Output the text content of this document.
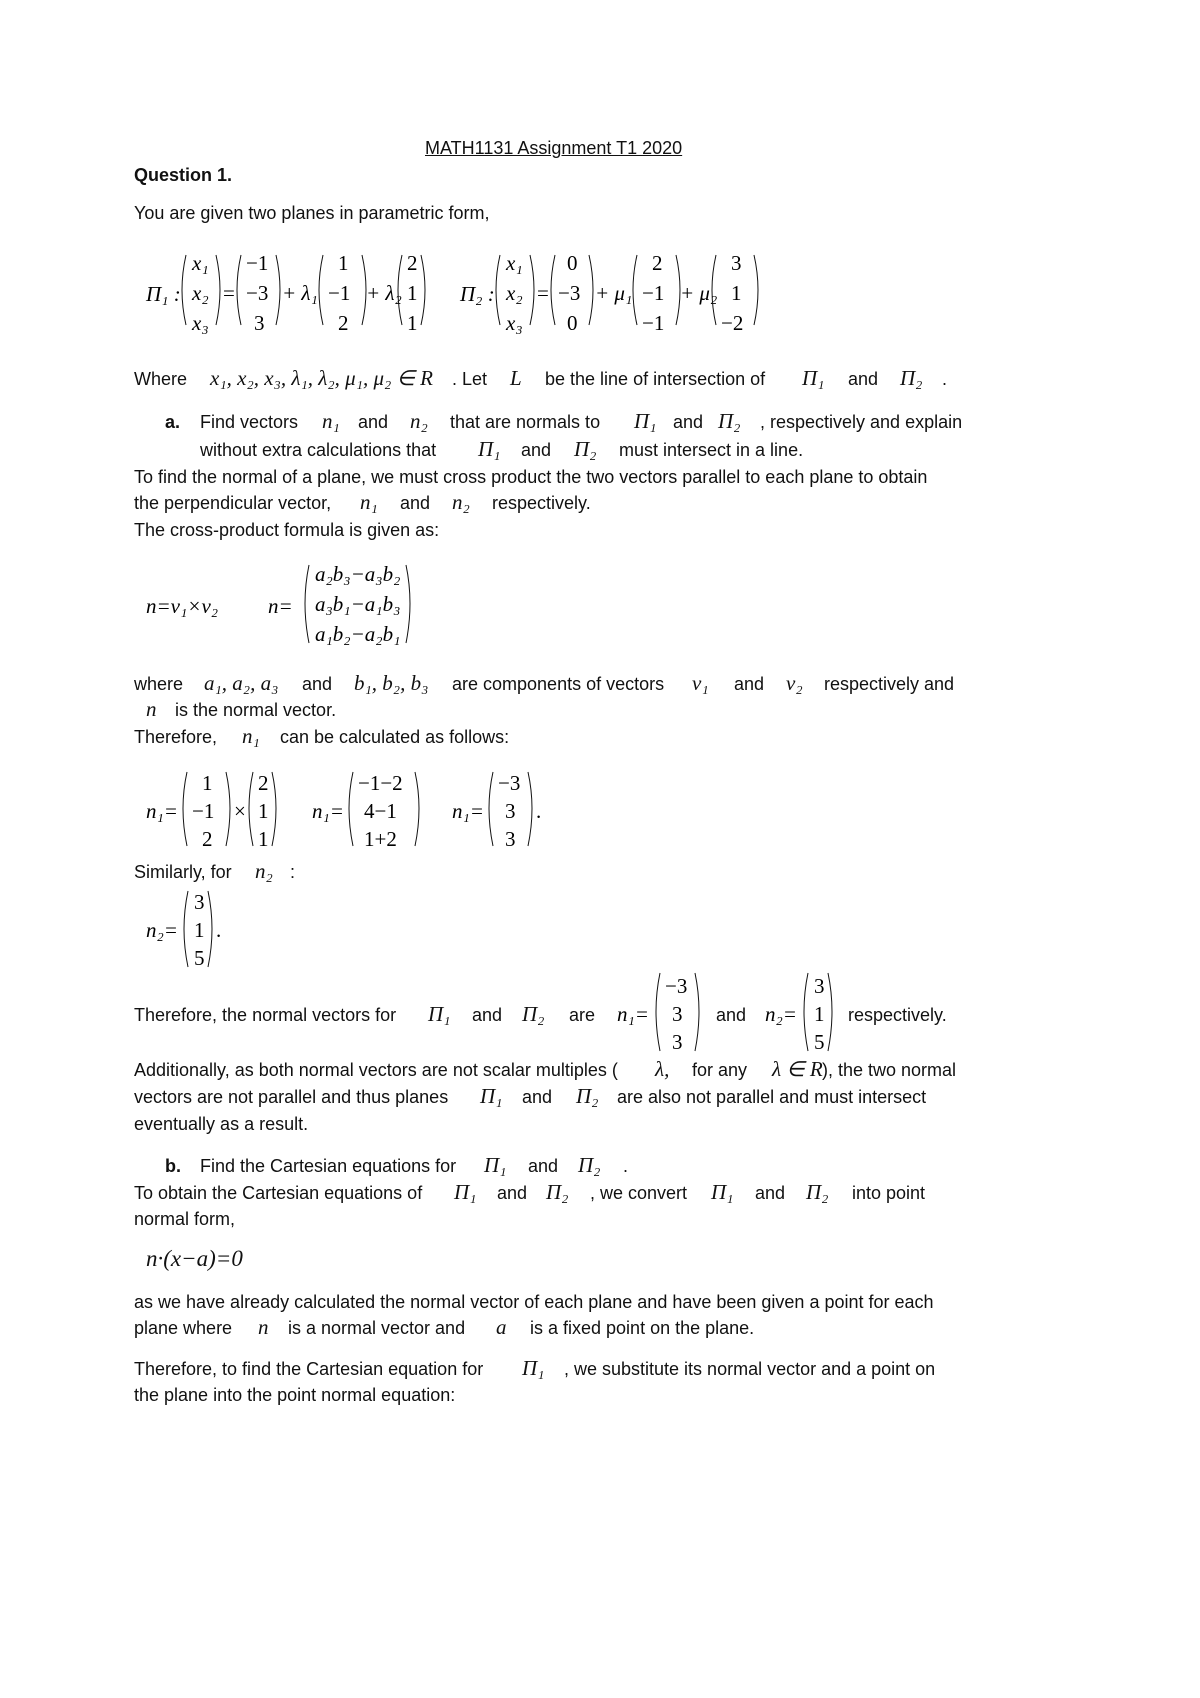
MATH1131 Assignment T1 2020
Question 1.
You are given two planes in parametric form,
Π₁ :
x₁
x₂
x₃
=
−1
−3
3
+ λ₁
1
−1
2
+ λ₂
2
1
1
Π₂ :
x₁
x₂
x₃
=
0
−3
0
+ μ₁
2
−1
−1
+ μ₂
3
1
−2
Where x₁, x₂, x₃, λ₁, λ₂, μ₁, μ₂ ∈ R . Let L be the line of intersection of Π₁ and Π₂ .
a. Find vectors n₁ and n₂ that are normals to Π₁ and Π₂ , respectively and explain
without extra calculations that Π₁ and Π₂ must intersect in a line.
To find the normal of a plane, we must cross product the two vectors parallel to each plane to obtain
the perpendicular vector, n₁ and n₂ respectively.
The cross-product formula is given as:
n=v₁×v₂ n=
a₂b₃−a₃b₂
a₃b₁−a₁b₃
a₁b₂−a₂b₁
where a₁, a₂, a₃ and b₁, b₂, b₃ are components of vectors v₁ and v₂ respectively and
n is the normal vector.
Therefore, n₁ can be calculated as follows:
n₁=
1
−1
2
×
2
1
1
n₁=
−1−2
4−1
1+2
n₁=
−3
3
3
.
Similarly, for n₂ :
n₂=
3
1
5
.
Therefore, the normal vectors for Π₁ and Π₂ are n₁=
−3
3
3
and n₂=
3
1
5
respectively.
Additionally, as both normal vectors are not scalar multiples ( λ, for any λ ∈ R ), the two normal
vectors are not parallel and thus planes Π₁ and Π₂ are also not parallel and must intersect
eventually as a result.
b. Find the Cartesian equations for Π₁ and Π₂ .
To obtain the Cartesian equations of Π₁ and Π₂ , we convert Π₁ and Π₂ into point
normal form,
n·(x−a)=0
as we have already calculated the normal vector of each plane and have been given a point for each
plane where n is a normal vector and a is a fixed point on the plane.
Therefore, to find the Cartesian equation for Π₁ , we substitute its normal vector and a point on
the plane into the point normal equation:
